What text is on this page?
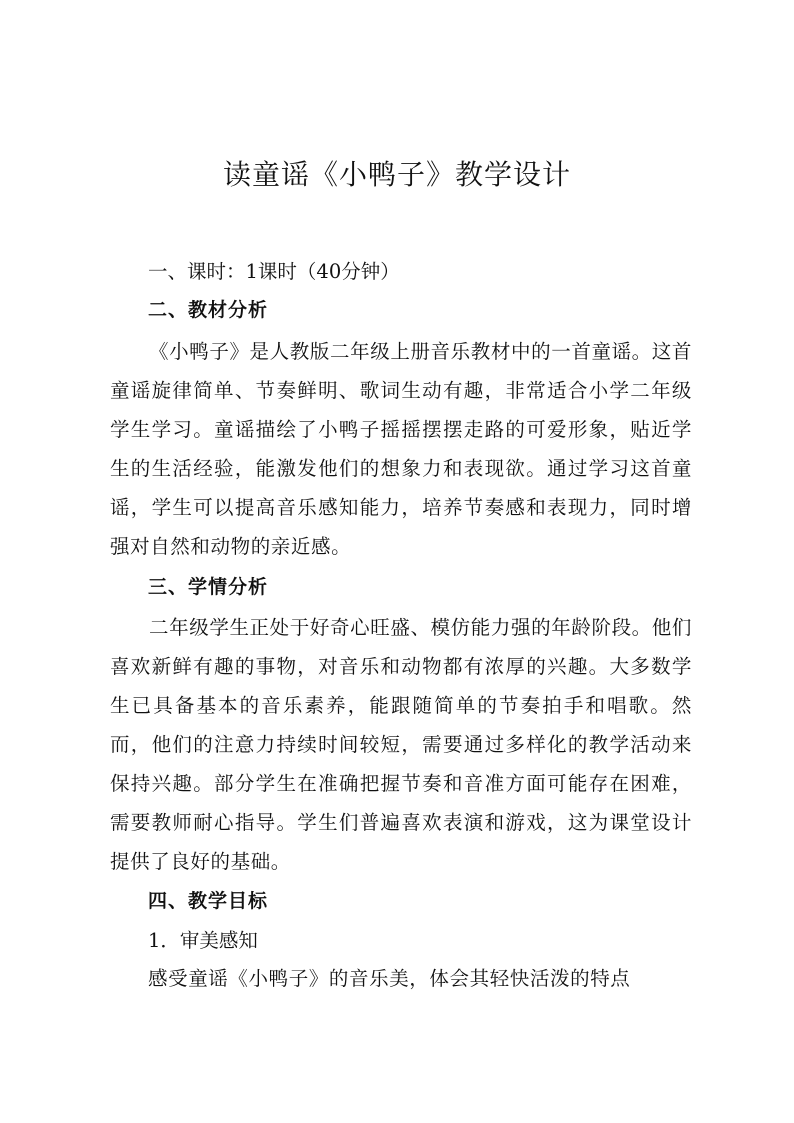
读童谣《小鸭子》教学设计
一、课时：1课时（40分钟）
二、教材分析

《小鸭子》是人教版二年级上册音乐教材中的一首童谣。这首童谣旋律简单、节奏鲜明、歌词生动有趣，非常适合小学二年级学生学习。童谣描绘了小鸭子摇摇摆摆走路的可爱形象，贴近学生的生活经验，能激发他们的想象力和表现欲。通过学习这首童谣，学生可以提高音乐感知能力，培养节奏感和表现力，同时增强对自然和动物的亲近感。

三、学情分析

二年级学生正处于好奇心旺盛、模仿能力强的年龄阶段。他们喜欢新鲜有趣的事物，对音乐和动物都有浓厚的兴趣。大多数学生已具备基本的音乐素养，能跟随简单的节奏拍手和唱歌。然而，他们的注意力持续时间较短，需要通过多样化的教学活动来保持兴趣。部分学生在准确把握节奏和音准方面可能存在困难，需要教师耐心指导。学生们普遍喜欢表演和游戏，这为课堂设计提供了良好的基础。

四、教学目标
1．审美感知
感受童谣《小鸭子》的音乐美，体会其轻快活泼的特点
